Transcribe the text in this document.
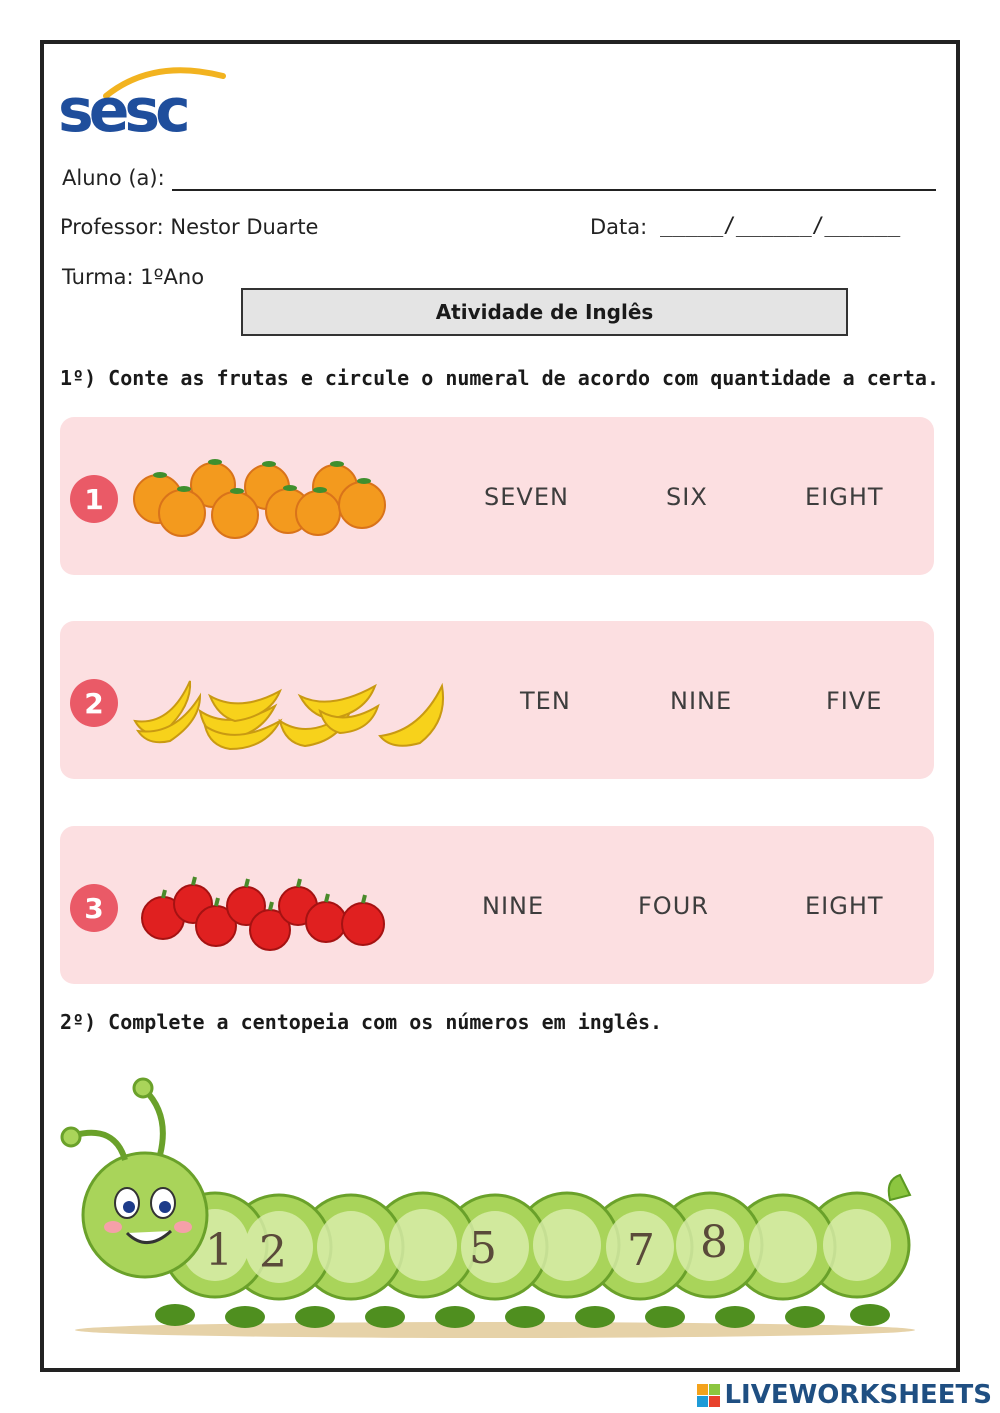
sesc
Aluno (a):
Professor: Nestor Duarte	Data: _____/______/______
Turma: 1ºAno
Atividade de Inglês
1º) Conte as frutas e circule o numeral de acordo com quantidade a certa.
1	SEVEN	SIX	EIGHT
2	TEN	NINE	FIVE
3	NINE	FOUR	EIGHT
2º) Complete a centopeia com os números em inglês.
1 2	5	7 8
LIVEWORKSHEETS
